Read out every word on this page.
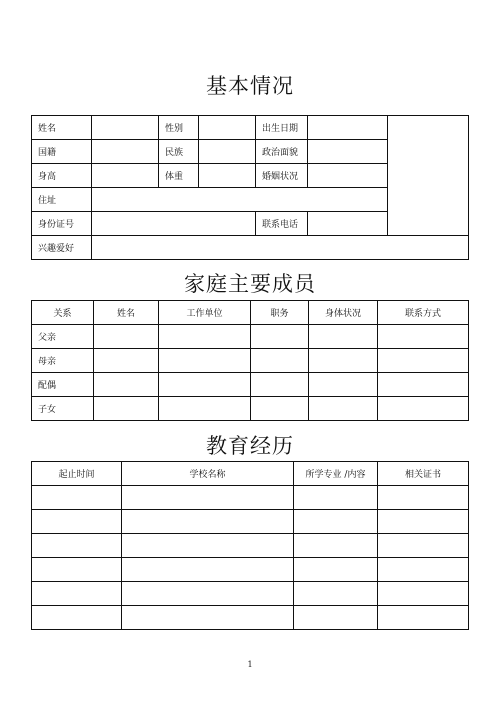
基本情况
姓名		性别		出生日期		
国籍		民族		政治面貌		
身高		体重		婚姻状况		
住址						
身份证号				联系电话		
兴趣爱好						
家庭主要成员
关系	姓名	工作单位	职务	身体状况	联系方式
父亲					
母亲					
配偶					
子女					
教育经历
起止时间	学校名称	所学专业 /内容	相关证书

1
